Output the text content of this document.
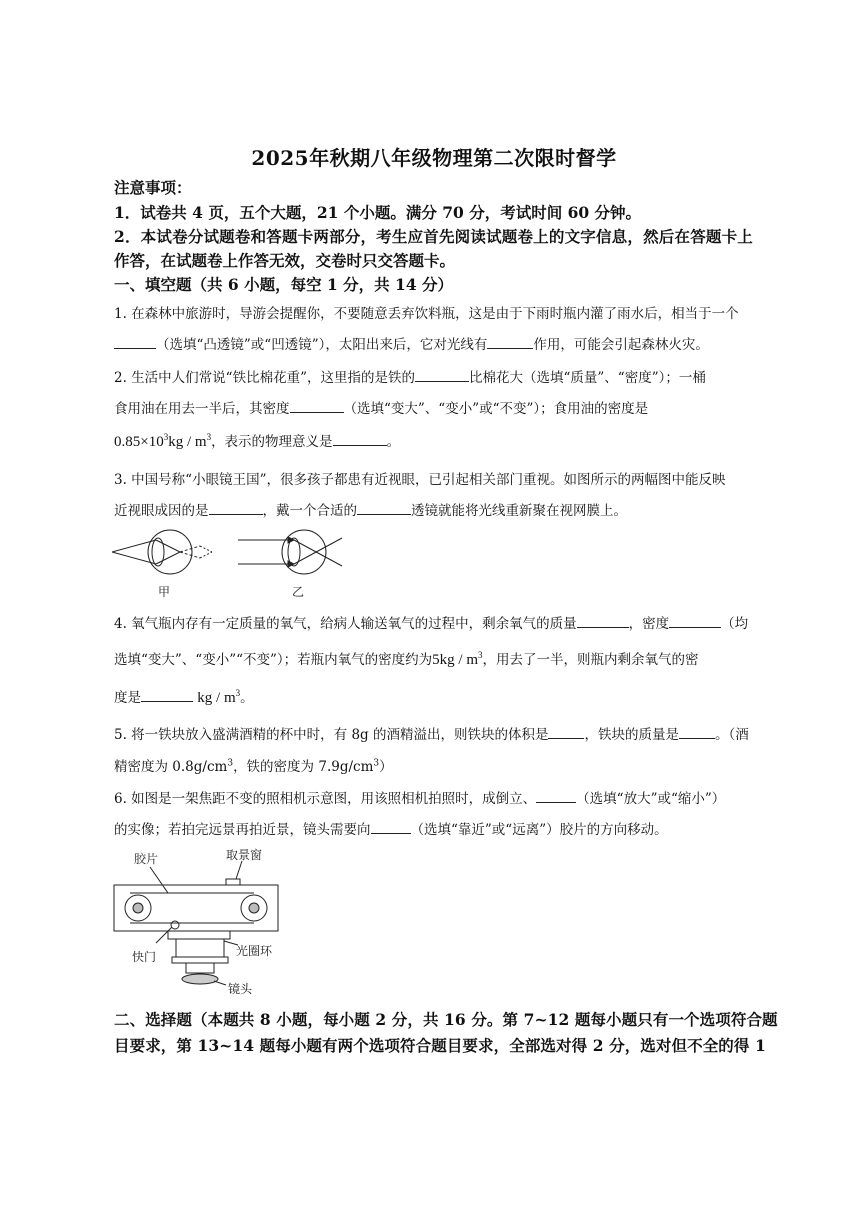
2025年秋期八年级物理第二次限时督学
注意事项：
1．试卷共 4 页，五个大题，21 个小题。满分 70 分，考试时间 60 分钟。
2．本试卷分试题卷和答题卡两部分，考生应首先阅读试题卷上的文字信息，然后在答题卡上
作答，在试题卷上作答无效，交卷时只交答题卡。
一、填空题（共 6 小题，每空 1 分，共 14 分）
1. 在森林中旅游时，导游会提醒你，不要随意丢弃饮料瓶，这是由于下雨时瓶内灌了雨水后，相当于一个
（选填“凸透镜”或“凹透镜”），太阳出来后，它对光线有	作用，可能会引起森林火灾。
2. 生活中人们常说“铁比棉花重”，这里指的是铁的	比棉花大（选填“质量”、“密度”）；一桶
食用油在用去一半后，其密度	（选填“变大”、“变小”或“不变”）；食用油的密度是
$0.85\times 10^3kg / m^3$，表示的物理意义是	。
3. 中国号称“小眼镜王国”，很多孩子都患有近视眼，已引起相关部门重视。如图所示的两幅图中能反映
近视眼成因的是	，戴一个合适的	透镜就能将光线重新聚在视网膜上。
甲	乙
4. 氧气瓶内存有一定质量的氧气，给病人输送氧气的过程中，剩余氧气的质量	，密度	（均
选填“变大”、“变小”“不变”）；若瓶内氧气的密度约为$5kg / m^3$，用去了一半，则瓶内剩余氧气的密
度是	kg / $m^3$。
5. 将一铁块放入盛满酒精的杯中时，有 8g 的酒精溢出，则铁块的体积是	，铁块的质量是	。（酒
精密度为 $0.8g/cm^3$，铁的密度为 $7.9g/cm^3$）
6. 如图是一架焦距不变的照相机示意图，用该照相机拍照时，成倒立、	（选填“放大”或“缩小”）
的实像；若拍完远景再拍近景，镜头需要向	（选填“靠近”或“远离”）胶片的方向移动。
胶片	取景窗
快门	光圈环
镜头
二、选择题（本题共 8 小题，每小题 2 分，共 16 分。第 7~12 题每小题只有一个选项符合题
目要求，第 13~14 题每小题有两个选项符合题目要求，全部选对得 2 分，选对但不全的得 1
